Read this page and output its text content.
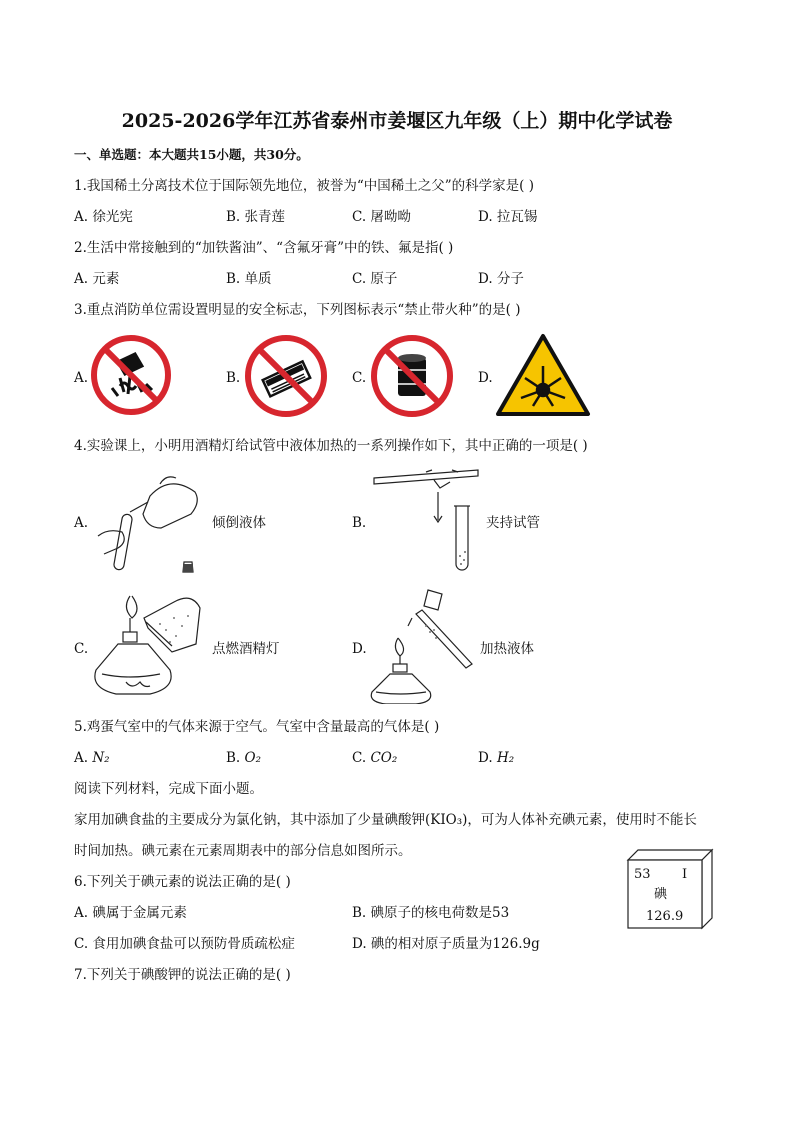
2025-2026学年江苏省泰州市姜堰区九年级（上）期中化学试卷
一、单选题：本大题共15小题，共30分。
1.我国稀土分离技术位于国际领先地位，被誉为“中国稀土之父”的科学家是( )
A. 徐光宪	B. 张青莲	C. 屠呦呦	D. 拉瓦锡
2.生活中常接触到的“加铁酱油”、“含氟牙膏”中的铁、氟是指( )
A. 元素	B. 单质	C. 原子	D. 分子
3.重点消防单位需设置明显的安全标志，下列图标表示“禁止带火种”的是( )
A.	B.	C.	D.
4.实验课上，小明用酒精灯给试管中液体加热的一系列操作如下，其中正确的一项是( )
A.	倾倒液体	B.	夹持试管
C.	点燃酒精灯	D.	加热液体
5.鸡蛋气室中的气体来源于空气。气室中含量最高的气体是( )
A. N₂	B. O₂	C. CO₂	D. H₂
阅读下列材料，完成下面小题。
家用加碘食盐的主要成分为氯化钠，其中添加了少量碘酸钾(KIO₃)，可为人体补充碘元素，使用时不能长
时间加热。碘元素在元素周期表中的部分信息如图所示。
53 I
碘
126.9
6.下列关于碘元素的说法正确的是( )
A. 碘属于金属元素	B. 碘原子的核电荷数是53
C. 食用加碘食盐可以预防骨质疏松症	D. 碘的相对原子质量为126.9g
7.下列关于碘酸钾的说法正确的是( )
